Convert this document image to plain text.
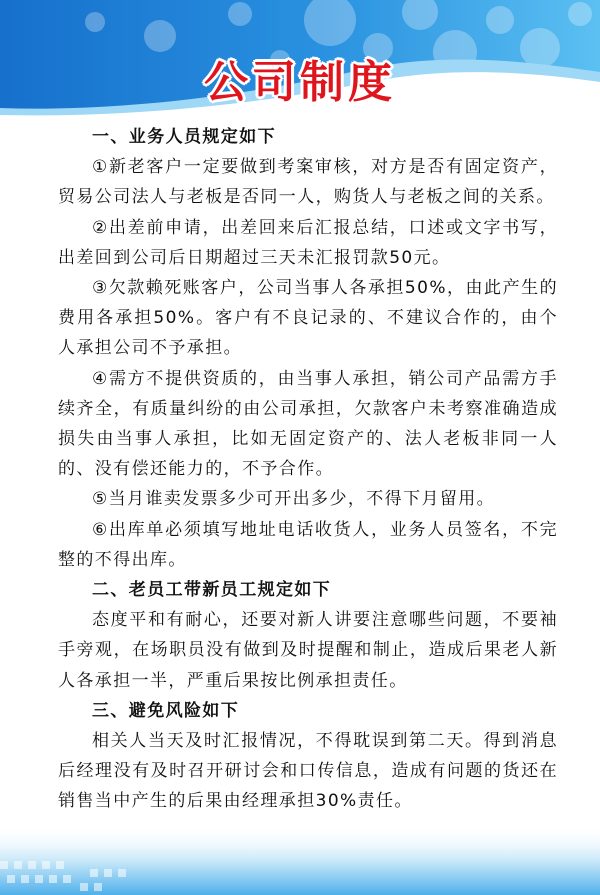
公司制度

一、业务人员规定如下

①新老客户一定要做到考案审核，对方是否有固定资产，贸易公司法人与老板是否同一人，购货人与老板之间的关系。

②出差前申请，出差回来后汇报总结，口述或文字书写，出差回到公司后日期超过三天未汇报罚款50元。

③欠款赖死账客户，公司当事人各承担50%，由此产生的费用各承担50%。客户有不良记录的、不建议合作的，由个人承担公司不予承担。

④需方不提供资质的，由当事人承担，销公司产品需方手续齐全，有质量纠纷的由公司承担，欠款客户未考察准确造成损失由当事人承担，比如无固定资产的、法人老板非同一人的、没有偿还能力的，不予合作。

⑤当月谁卖发票多少可开出多少，不得下月留用。

⑥出库单必须填写地址电话收货人，业务人员签名，不完整的不得出库。

二、老员工带新员工规定如下

态度平和有耐心，还要对新人讲要注意哪些问题，不要袖手旁观，在场职员没有做到及时提醒和制止，造成后果老人新人各承担一半，严重后果按比例承担责任。

三、避免风险如下

相关人当天及时汇报情况，不得耽误到第二天。得到消息后经理没有及时召开研讨会和口传信息，造成有问题的货还在销售当中产生的后果由经理承担30%责任。
